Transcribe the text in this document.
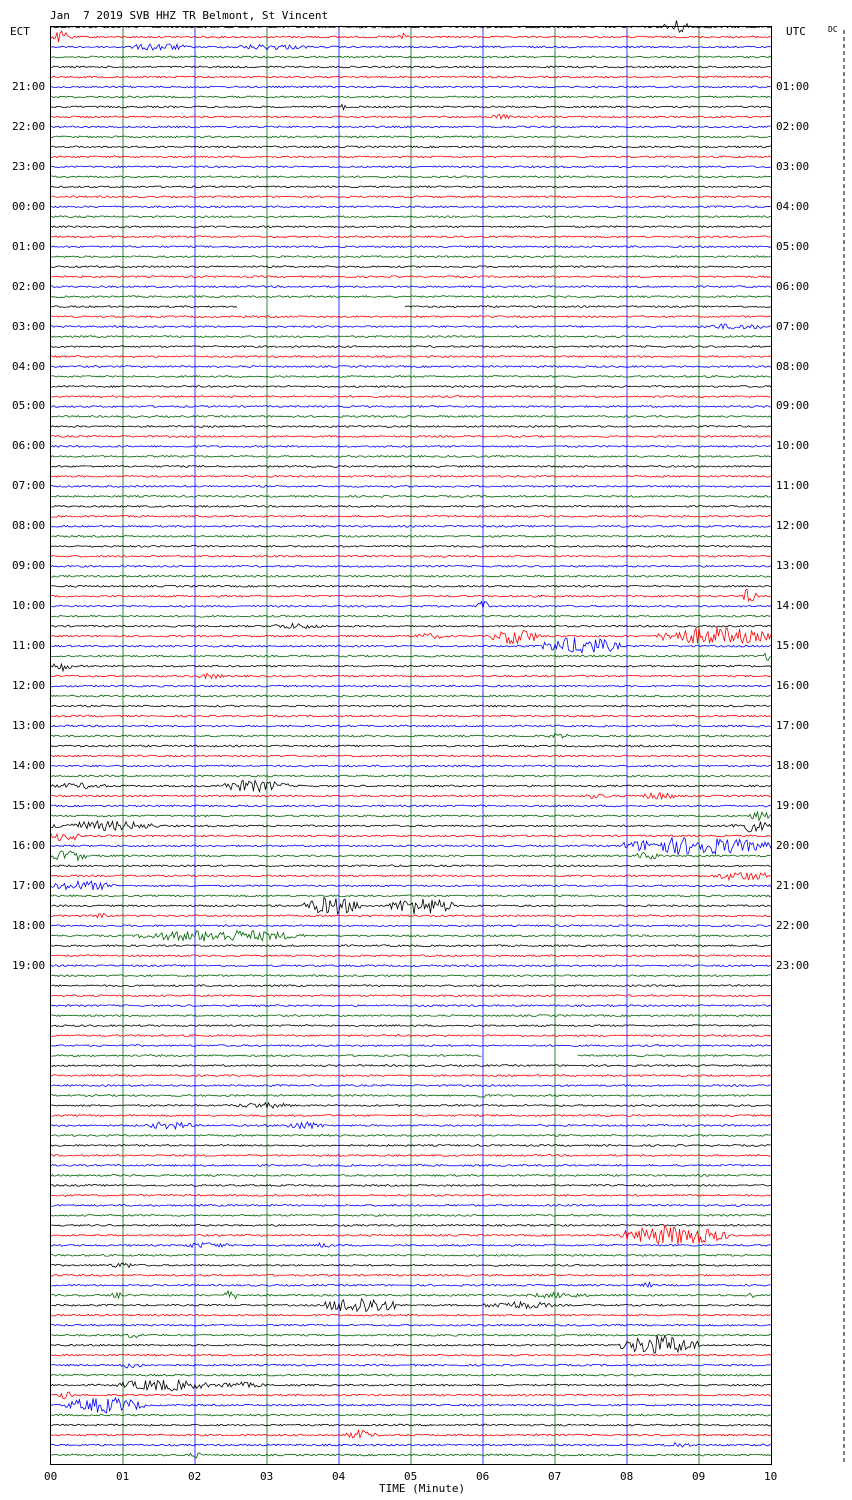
Jan  7 2019 SVB HHZ TR Belmont, St Vincent
ECT	UTC	DC
TIME (Minute)
21:00
22:00
23:00
00:00
01:00
02:00
03:00
04:00
05:00
06:00
07:00
08:00
09:00
10:00
11:00
12:00
13:00
14:00
15:00
16:00
17:00
18:00
19:00
01:00
02:00
03:00
04:00
05:00
06:00
07:00
08:00
09:00
10:00
11:00
12:00
13:00
14:00
15:00
16:00
17:00
18:00
19:00
20:00
21:00
22:00
23:00
00	01	02	03	04	05	06	07	08	09	10
